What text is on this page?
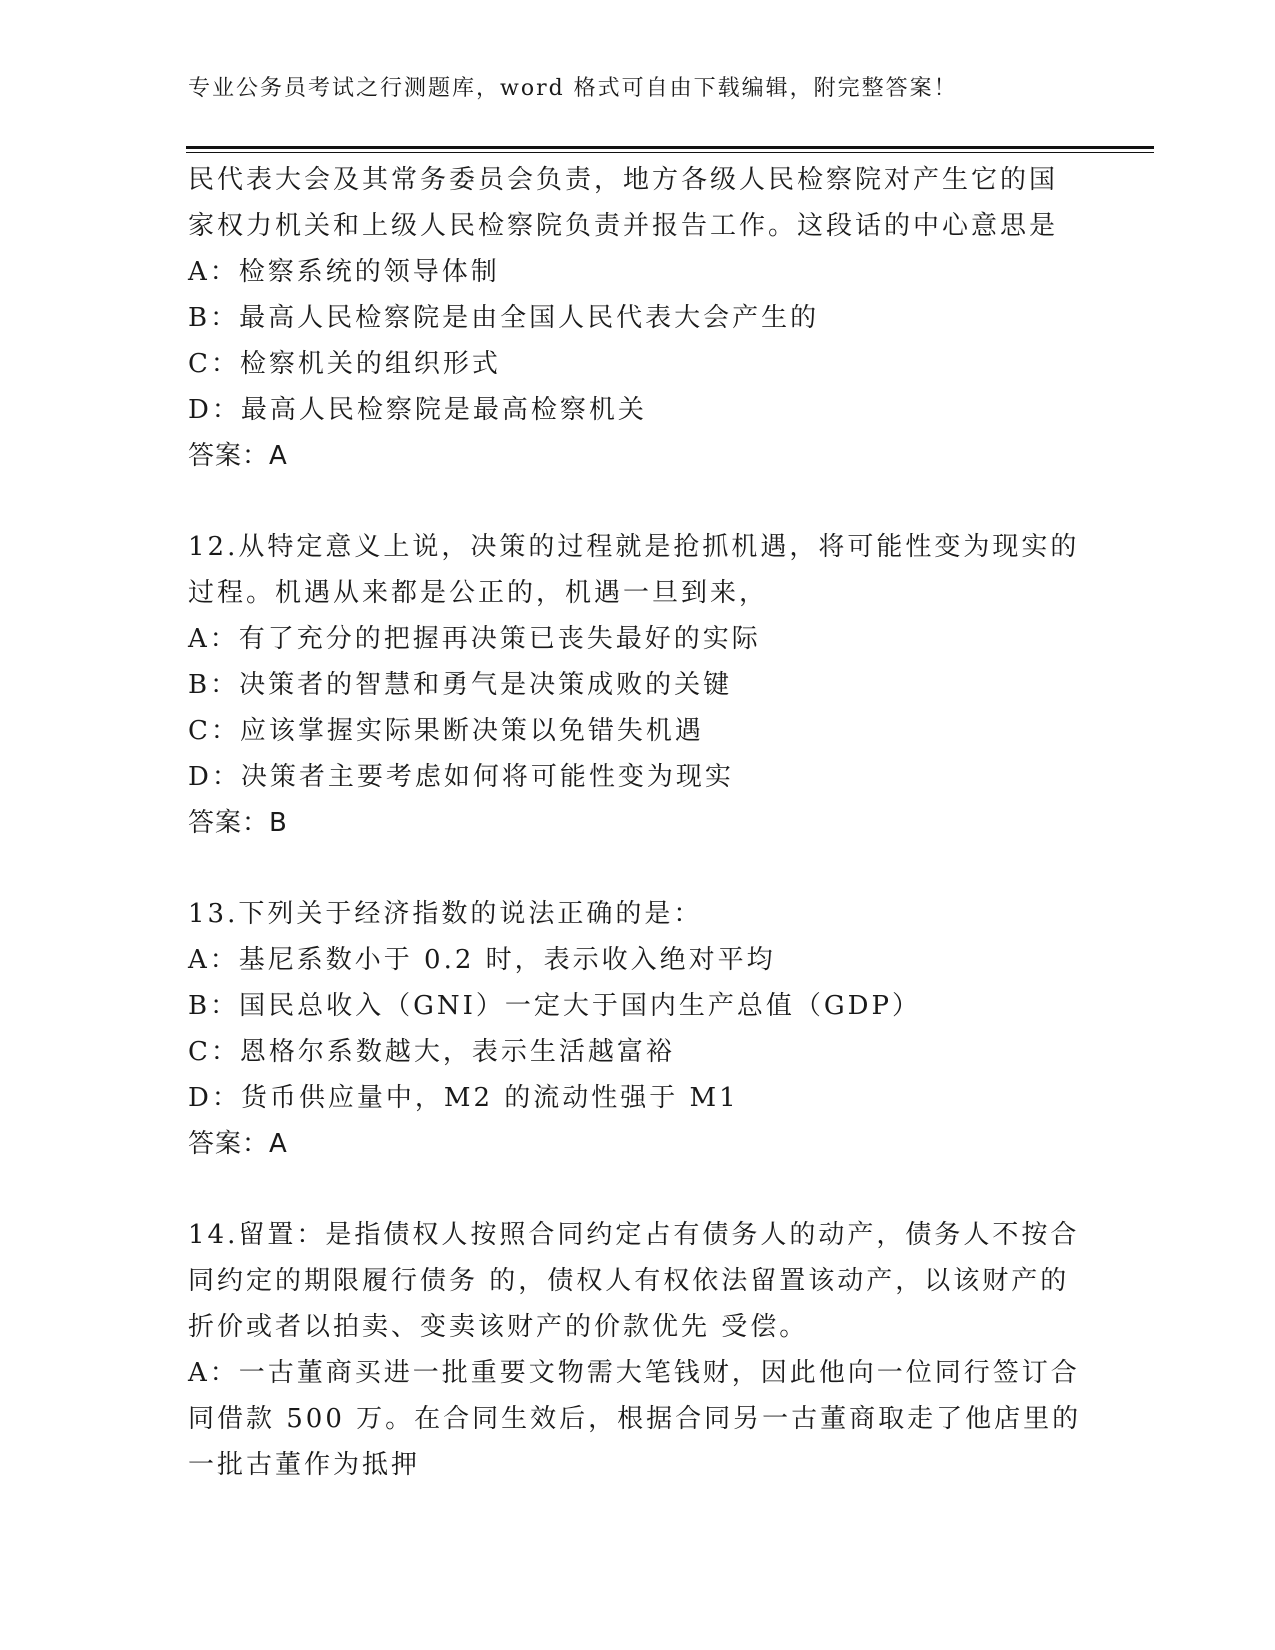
专业公务员考试之行测题库，word 格式可自由下载编辑，附完整答案！
民代表大会及其常务委员会负责，地方各级人民检察院对产生它的国
家权力机关和上级人民检察院负责并报告工作。这段话的中心意思是
A：检察系统的领导体制
B：最高人民检察院是由全国人民代表大会产生的
C：检察机关的组织形式
D：最高人民检察院是最高检察机关
答案：A
12.从特定意义上说，决策的过程就是抢抓机遇，将可能性变为现实的
过程。机遇从来都是公正的，机遇一旦到来，
A：有了充分的把握再决策已丧失最好的实际
B：决策者的智慧和勇气是决策成败的关键
C：应该掌握实际果断决策以免错失机遇
D：决策者主要考虑如何将可能性变为现实
答案：B
13.下列关于经济指数的说法正确的是：
A：基尼系数小于 0.2 时，表示收入绝对平均
B：国民总收入（GNI）一定大于国内生产总值（GDP）
C：恩格尔系数越大，表示生活越富裕
D：货币供应量中，M2 的流动性强于 M1
答案：A
14.留置：是指债权人按照合同约定占有债务人的动产，债务人不按合
同约定的期限履行债务 的，债权人有权依法留置该动产，以该财产的
折价或者以拍卖、变卖该财产的价款优先 受偿。
A：一古董商买进一批重要文物需大笔钱财，因此他向一位同行签订合
同借款 500 万。在合同生效后，根据合同另一古董商取走了他店里的
一批古董作为抵押
